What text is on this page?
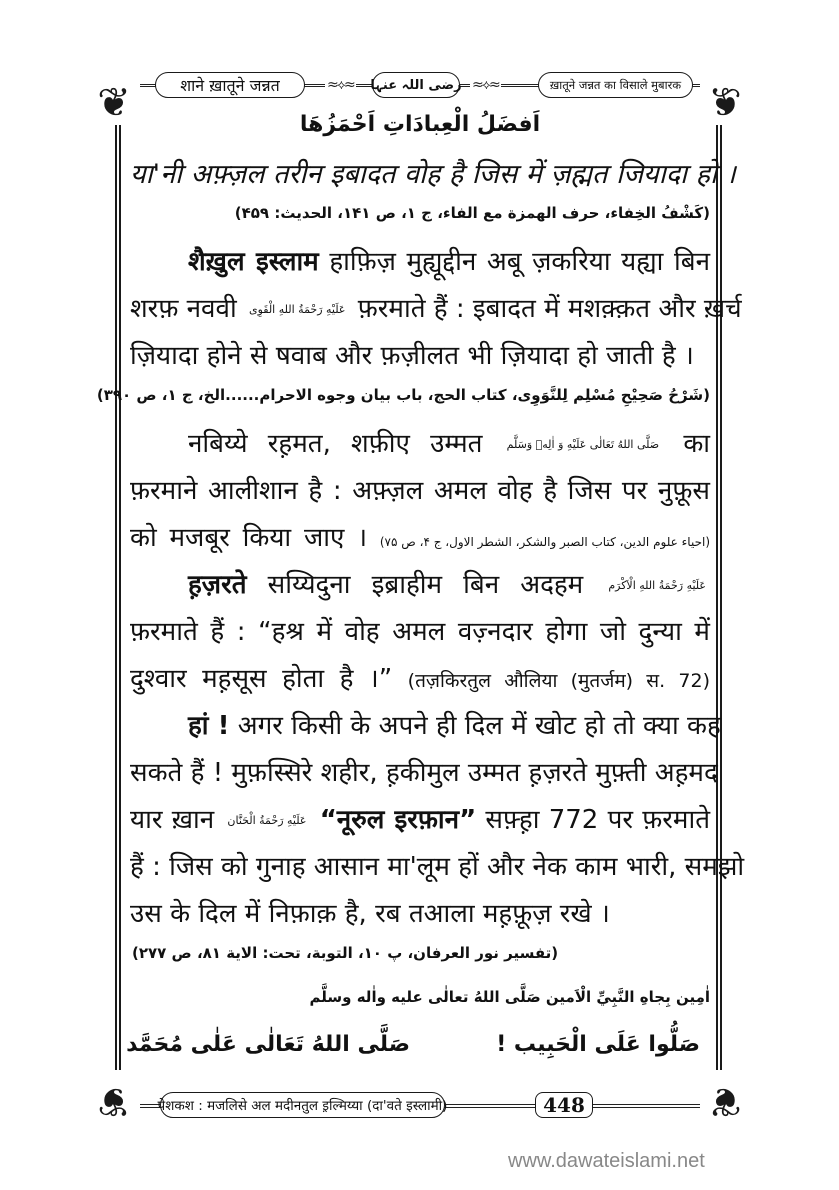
❦	❦
❦	❦
शाने ख़ातूने जन्नत	≈⟡≈ رضی اللہ عنہا ≈⟡≈	ख़ातूने जन्नत का विसाले मुबारक
اَفضَلُ الْعِبادَاتِ اَحْمَزُهَا
या'नी अफ़्ज़ल तरीन इबादत वोह है जिस में ज़ह्मत जियादा हो ।
(كَشْفُ الخِفاء، حرف الهمزة مع الفاء، ج ۱، ص ۱۴۱، الحديث: ۴۵۹)
शैख़ुल इस्लाम हाफ़िज़ मुह्यूद्दीन अबू ज़करिया यह्या बिन
शरफ़ नववी عَلَيْهِ رَحْمَةُ اللهِ الْقَوِی फ़रमाते हैं : इबादत में मशक़्क़त और ख़र्च
ज़ियादा होने से षवाब और फ़ज़ीलत भी ज़ियादा हो जाती है ।
(شَرْحُ صَحِيْحِ مُسْلِم لِلنَّوَوِی، كتاب الحج، باب بيان وجوه الاحرام......الخ، ج ۱، ص ۳۹۰)
नबिय्ये रह़मत, शफ़ीए उम्मत صَلَّى اللهُ تَعَالٰى عَلَيْهِ وَ اٰلِهٖ وَسَلَّم का
फ़रमाने आलीशान है : अफ़्ज़ल अमल वोह है जिस पर नुफ़ूस
को मजबूर किया जाए । (احياء علوم الدين، كتاب الصبر والشكر، الشطر الاول، ج ۴، ص ۷۵)
ह़ज़रते सय्यिदुना इब्राहीम बिन अदहम عَلَيْهِ رَحْمَةُ اللهِ الْاَكْرَم
फ़रमाते हैं : “हश्र में वोह अमल वज़्नदार होगा जो दुन्या में
दुश्वार मह़सूस होता है ।” (तज़किरतुल औलिया (मुतर्जम) स. 72)
हां ! अगर किसी के अपने ही दिल में खोट हो तो क्या कह
सकते हैं ! मुफ़स्सिरे शहीर, ह़कीमुल उम्मत ह़ज़रते मुफ़्ती अह़मद
यार ख़ान عَلَيْهِ رَحْمَةُ الْحَنَّان “नूरुल इरफ़ान” सफ़्ह़ा 772 पर फ़रमाते
हैं : जिस को गुनाह आसान मा'लूम हों और नेक काम भारी, समझो
उस के दिल में निफ़ाक़ है, रब तआला मह़फ़ूज़ रखे ।
(تفسير نور العرفان، پ ۱۰، التوبة، تحت: الاية ۸۱، ص ۲۷۷)
اٰمِين بِجاهِ النَّبِيِّ الْاَمين صَلَّى اللهُ تعالٰى عليه واٰله وسلَّم
صَلُّوا عَلَى الْحَبِيب !
صَلَّى اللهُ تَعَالٰى عَلٰى مُحَمَّد
पेशकश : मजलिसे अल मदीनतुल इ़ल्मिय्या (दा'वते इस्लामी)	448
www.dawateislami.net
